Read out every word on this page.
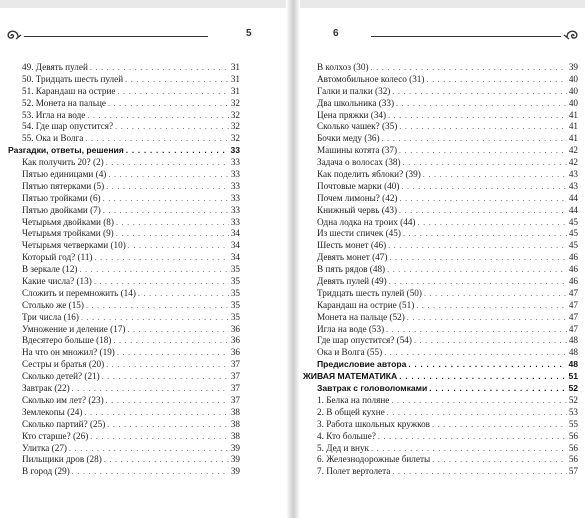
5
49. Девять пулей . . .	31
50. Тридцать шесть пулей . . .	31
51. Карандаш на острие . . .	31
52. Монета на пальце . . .	32
53. Игла на воде . . .	32
54. Где шар опустится? . . .	32
55. Ока и Волга . . .	32
Разгадки, ответы, решения . . .	33
Как получить 20? (2) . . .	33
Пятью единицами (4) . . .	33
Пятью пятерками (5) . . .	33
Пятью тройками (6) . . .	33
Пятью двойками (7) . . .	33
Четырьмя двойками (8) . . .	33
Четырьмя тройками (9) . . .	34
Четырьмя четверками (10) . . .	34
Который год? (11) . . .	34
В зеркале (12) . . .	35
Какие числа? (13) . . .	35
Сложить и перемножить (14) . . .	35
Столько же (15) . . .	35
Три числа (16) . . .	35
Умножение и деление (17) . . .	36
Вдесятеро больше (18) . . .	36
На что он множил? (19) . . .	36
Сестры и братья (20) . . .	37
Сколько детей? (21) . . .	37
Завтрак (22) . . .	37
Сколько им лет? (23) . . .	37
Землекопы (24) . . .	38
Сколько партий? (25) . . .	38
Кто старше? (26) . . .	38
Улитка (27) . . .	39
Пильщики дров (28) . . .	39
В город (29) . . .	39
6
В колхоз (30) . . .	39
Автомобильное колесо (31) . . .	40
Галки и палки (32) . . .	40
Два школьника (33) . . .	40
Цена пряжки (34) . . .	41
Сколько чашек? (35) . . .	41
Бочки меду (36) . . .	41
Машины котята (37) . . .	42
Задача о волосах (38) . . .	42
Как поделить яблоки? (39) . . .	43
Почтовые марки (40) . . .	43
Почем лимоны? (42) . . .	44
Книжный червь (43) . . .	44
Одна лодка на троих (44) . . .	45
Из шести спичек (45) . . .	45
Шесть монет (46) . . .	45
Девять монет (47) . . .	46
В пять рядов (48) . . .	46
Девять пулей (49) . . .	46
Тридцать шесть пулей (50) . . .	47
Карандаш на острие (51) . . .	47
Монета на пальце (52) . . .	47
Игла на воде (53) . . .	47
Где шар опустится? (54) . . .	48
Ока и Волга (55) . . .	48
Предисловие автора . . .	48
ЖИВАЯ МАТЕМАТИКА . . .	51
Завтрак с головоломками . . .	52
1. Белка на поляне . . .	52
2. В общей кухне . . .	53
3. Работа школьных кружков . . .	55
4. Кто больше? . . .	56
5. Дед и внук . . .	56
6. Железнодорожные билеты . . .	56
7. Полет вертолета . . .	57
